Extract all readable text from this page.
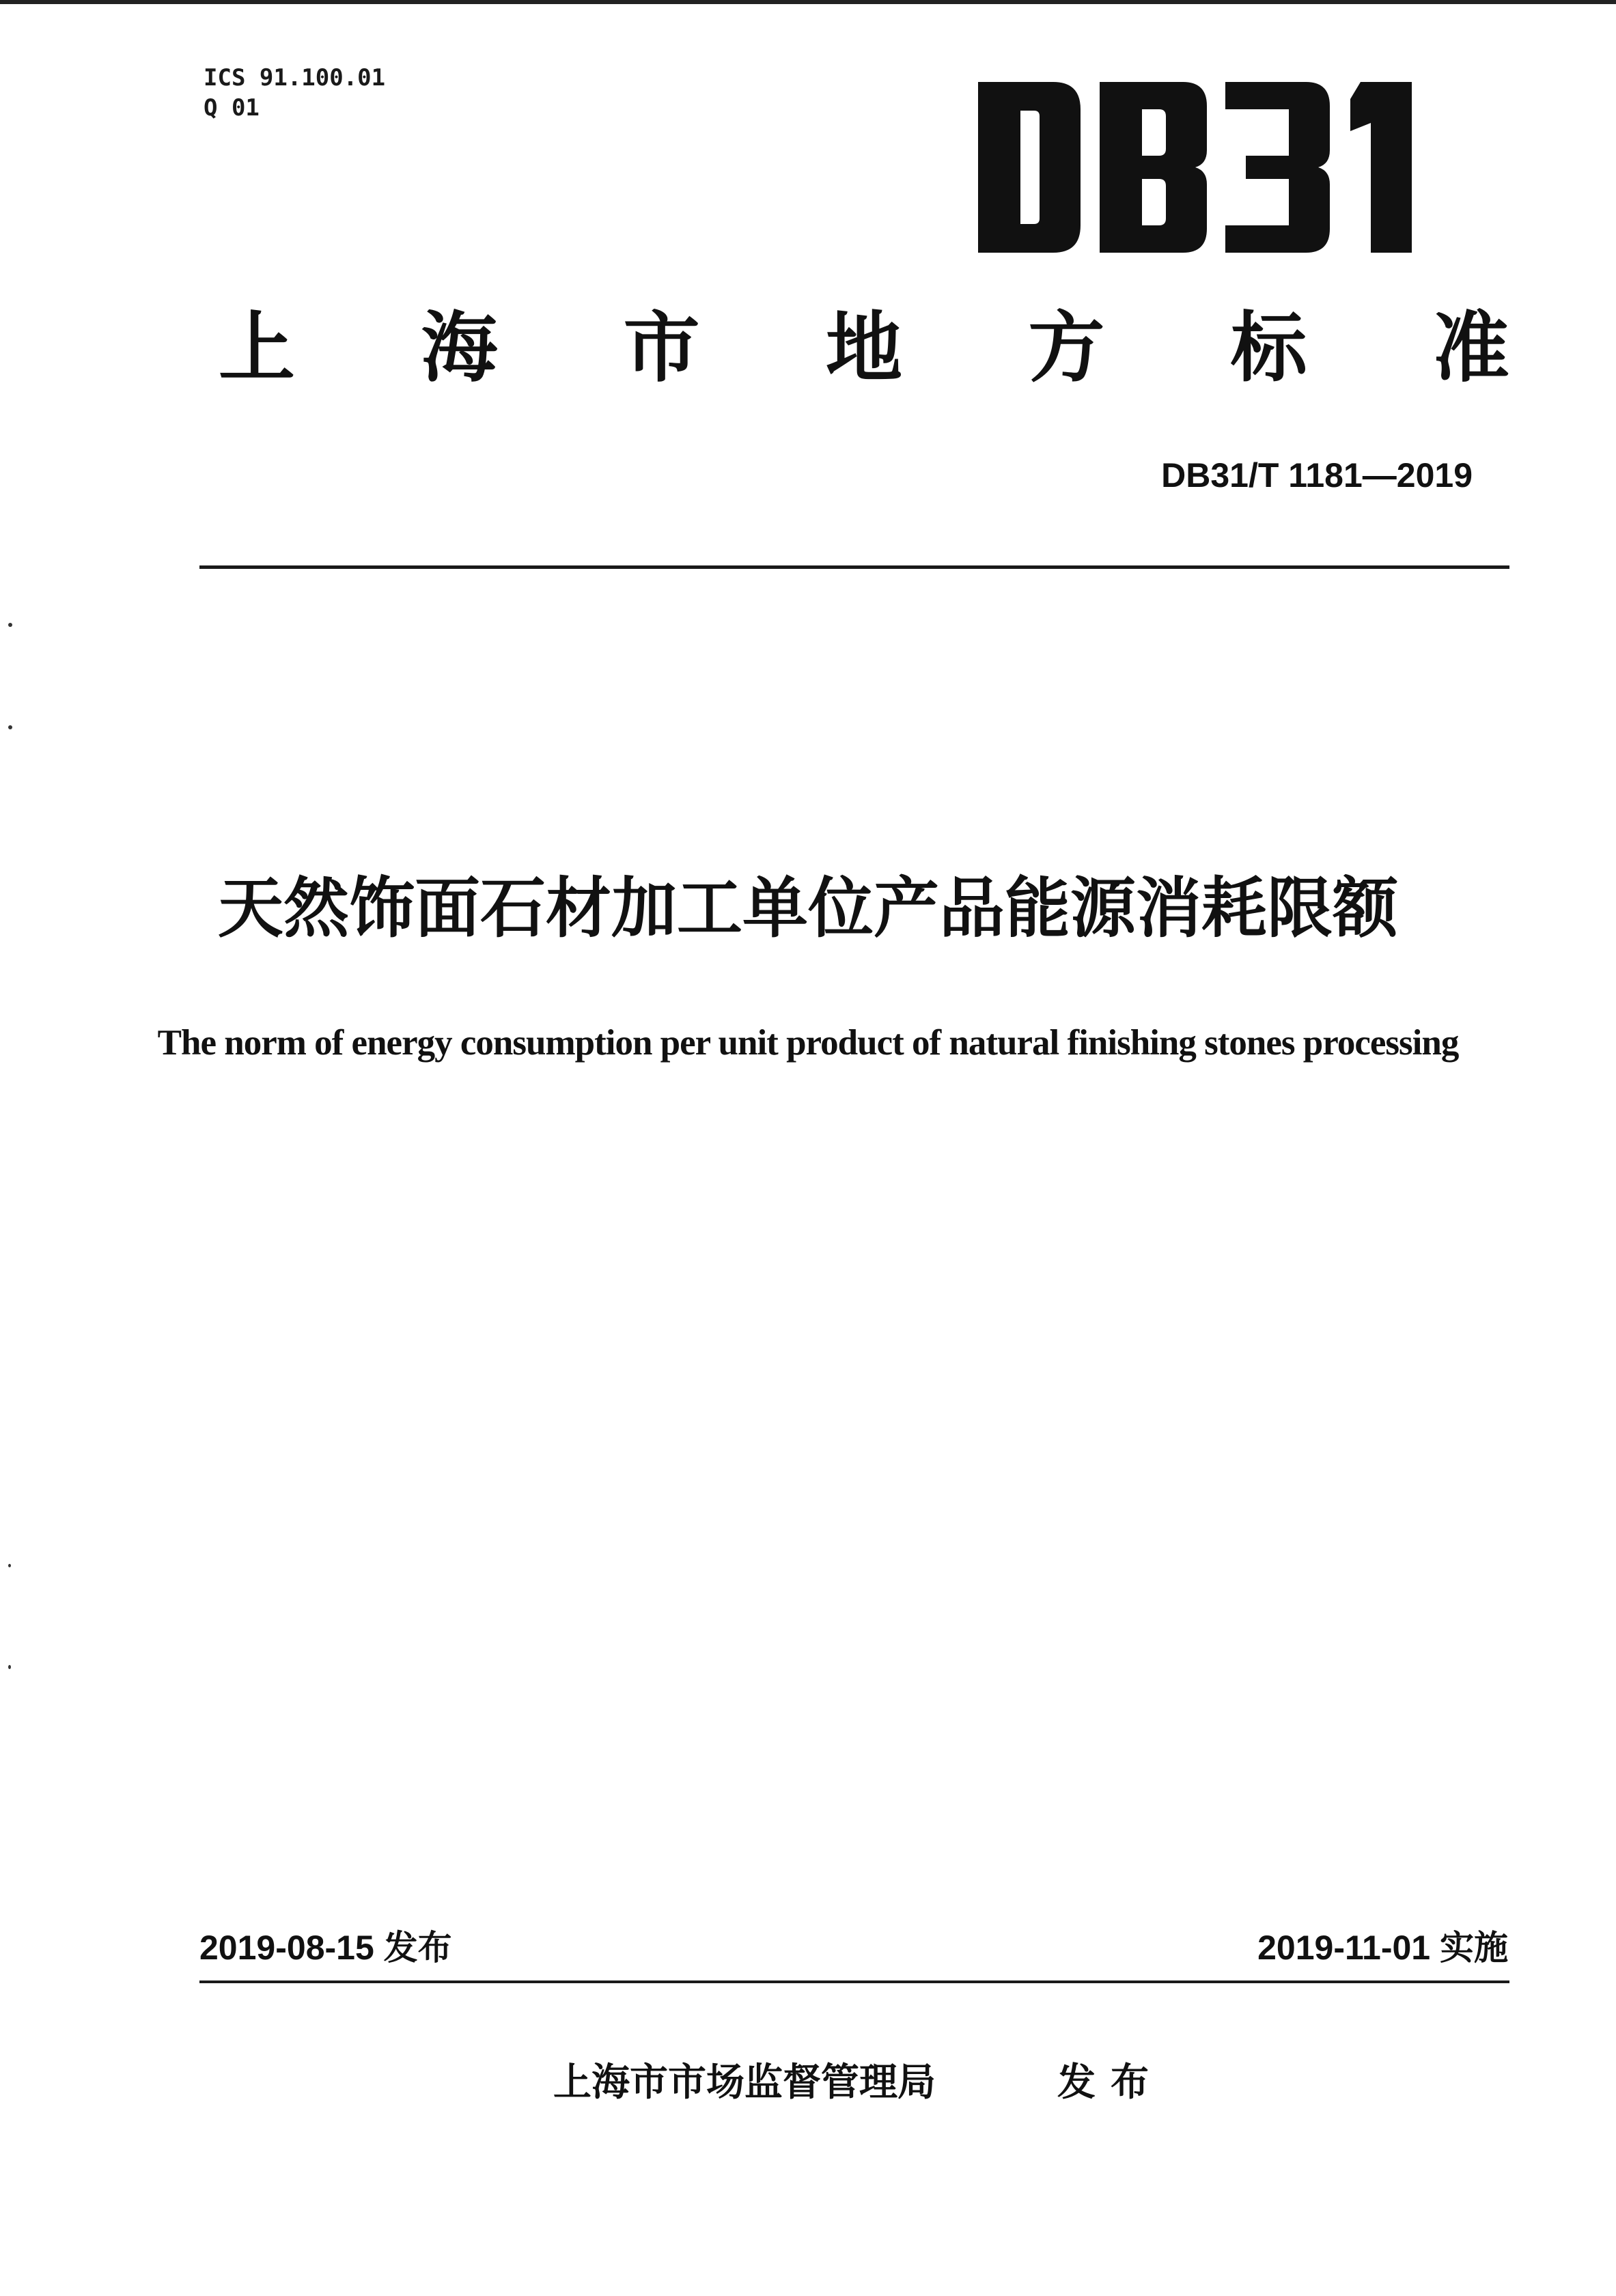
ICS 91.100.01
Q 01
上 海 市 地 方 标 准
DB31/T 1181—2019
天然饰面石材加工单位产品能源消耗限额
The norm of energy consumption per unit product of natural finishing stones processing
2019-08-15 发布	2019-11-01 实施
上海市市场监督管理局	发布
